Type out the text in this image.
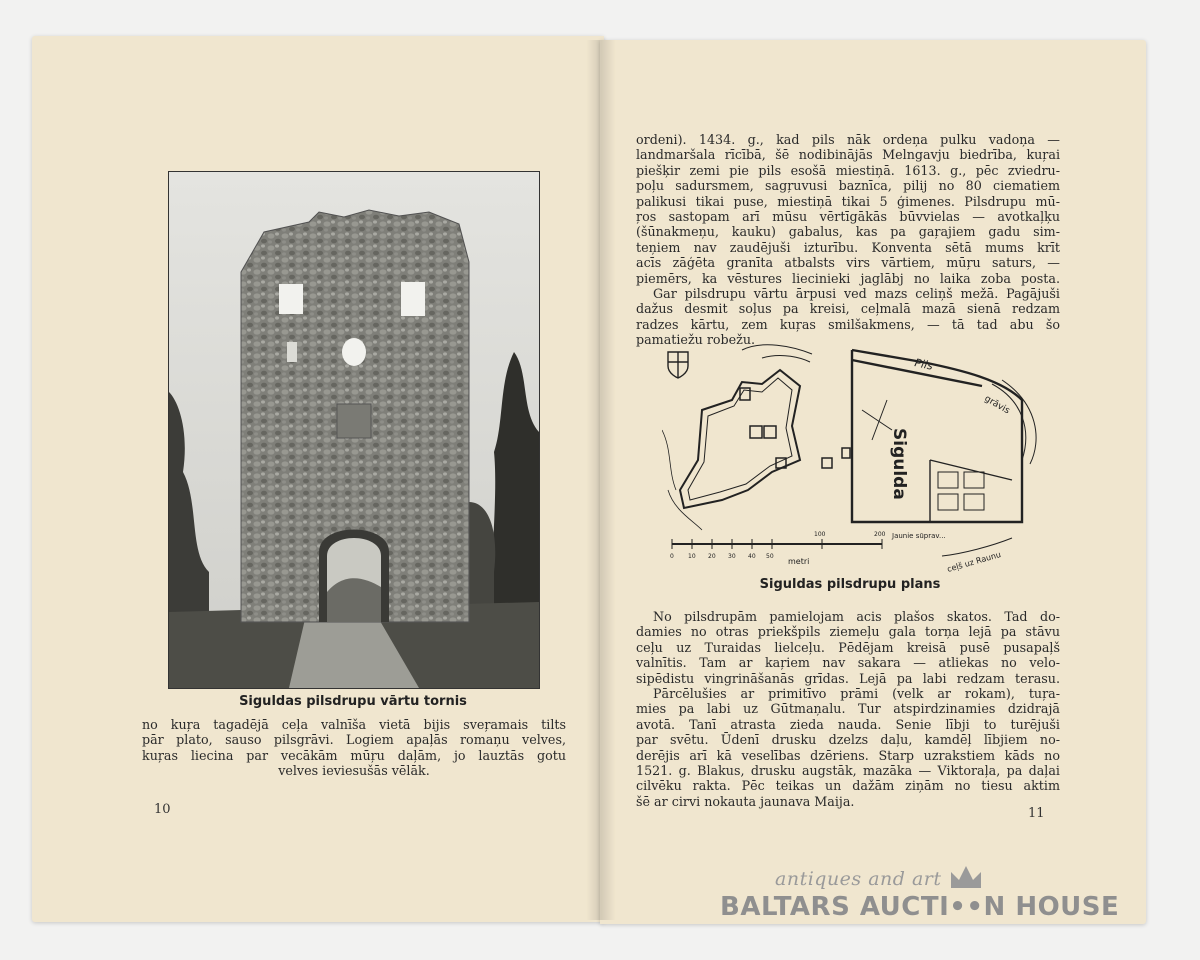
Siguldas pilsdrupu vārtu tornis

no kuŗa tagadējā ceļa valnīša vietā bijis sveŗamais tilts
pār plato, sauso pilsgrāvi. Logiem apaļās romaņu velves,
kuŗas liecina par vecākām mūŗu daļām, jo lauztās gotu
velves ieviesušās vēlāk.

10

ordeni). 1434. g., kad pils nāk ordeņa pulku vadoņa —
landmaršala rīcībā, šē nodibinājās Melngavju biedrība, kuŗai
piešķir zemi pie pils esošā miestiņā. 1613. g., pēc zviedru-
poļu sadursmem, sagŗuvusi baznīca, pilij no 80 ciematiem
palikusi tikai puse, miestiņā tikai 5 ģimenes. Pilsdrupu mū-
ŗos sastopam arī mūsu vērtīgākās būvvielas — avotkaļķu
(šūnakmeņu, kauku) gabalus, kas pa gaŗajiem gadu sim-
teņiem nav zaudējuši izturību. Konventa sētā mums krīt
acīs zāģēta granīta atbalsts virs vārtiem, mūŗu saturs, —
piemērs, ka vēstures liecinieki jaglābj no laika zoba posta.
Gar pilsdrupu vārtu ārpusi ved mazs celiņš mežā. Pagājuši
dažus desmit soļus pa kreisi, ceļmalā mazā sienā redzam
radzes kārtu, zem kuŗas smilšakmens, — tā tad abu šo
pamatiežu robežu.
Pils
grāvis
Sigulda
Jaunie sūprav...
ceļš uz Raunu
metri
0 10 20 30 40 50
100	200

Siguldas pilsdrupu plans

No pilsdrupām pamielojam acis plašos skatos. Tad do-
damies no otras priekšpils ziemeļu gala torņa lejā pa stāvu
ceļu uz Turaidas lielceļu. Pēdējam kreisā pusē pusapaļš
valnītis. Tam ar kaŗiem nav sakara — atliekas no velo-
sipēdistu vingrināšanās grīdas. Lejā pa labi redzam terasu.
Pārcēlušies ar primitīvo prāmi (velk ar rokam), tuŗa-
mies pa labi uz Gūtmaņalu. Tur atspirdzinamies dzidrajā
avotā. Tanī atrasta zieda nauda. Senie lībji to turējuši
par svētu. Ūdenī drusku dzelzs daļu, kamdēļ lībjiem no-
derējis arī kā veselības dzēriens. Starp uzrakstiem kāds no
1521. g. Blakus, drusku augstāk, mazāka — Viktoraļa, pa daļai
cilvēku rakta. Pēc teikas un dažām ziņām no tiesu aktim
šē ar cirvi nokauta jaunava Maija.

11

antiques and art

BALTARS AUCTI••N HOUSE
